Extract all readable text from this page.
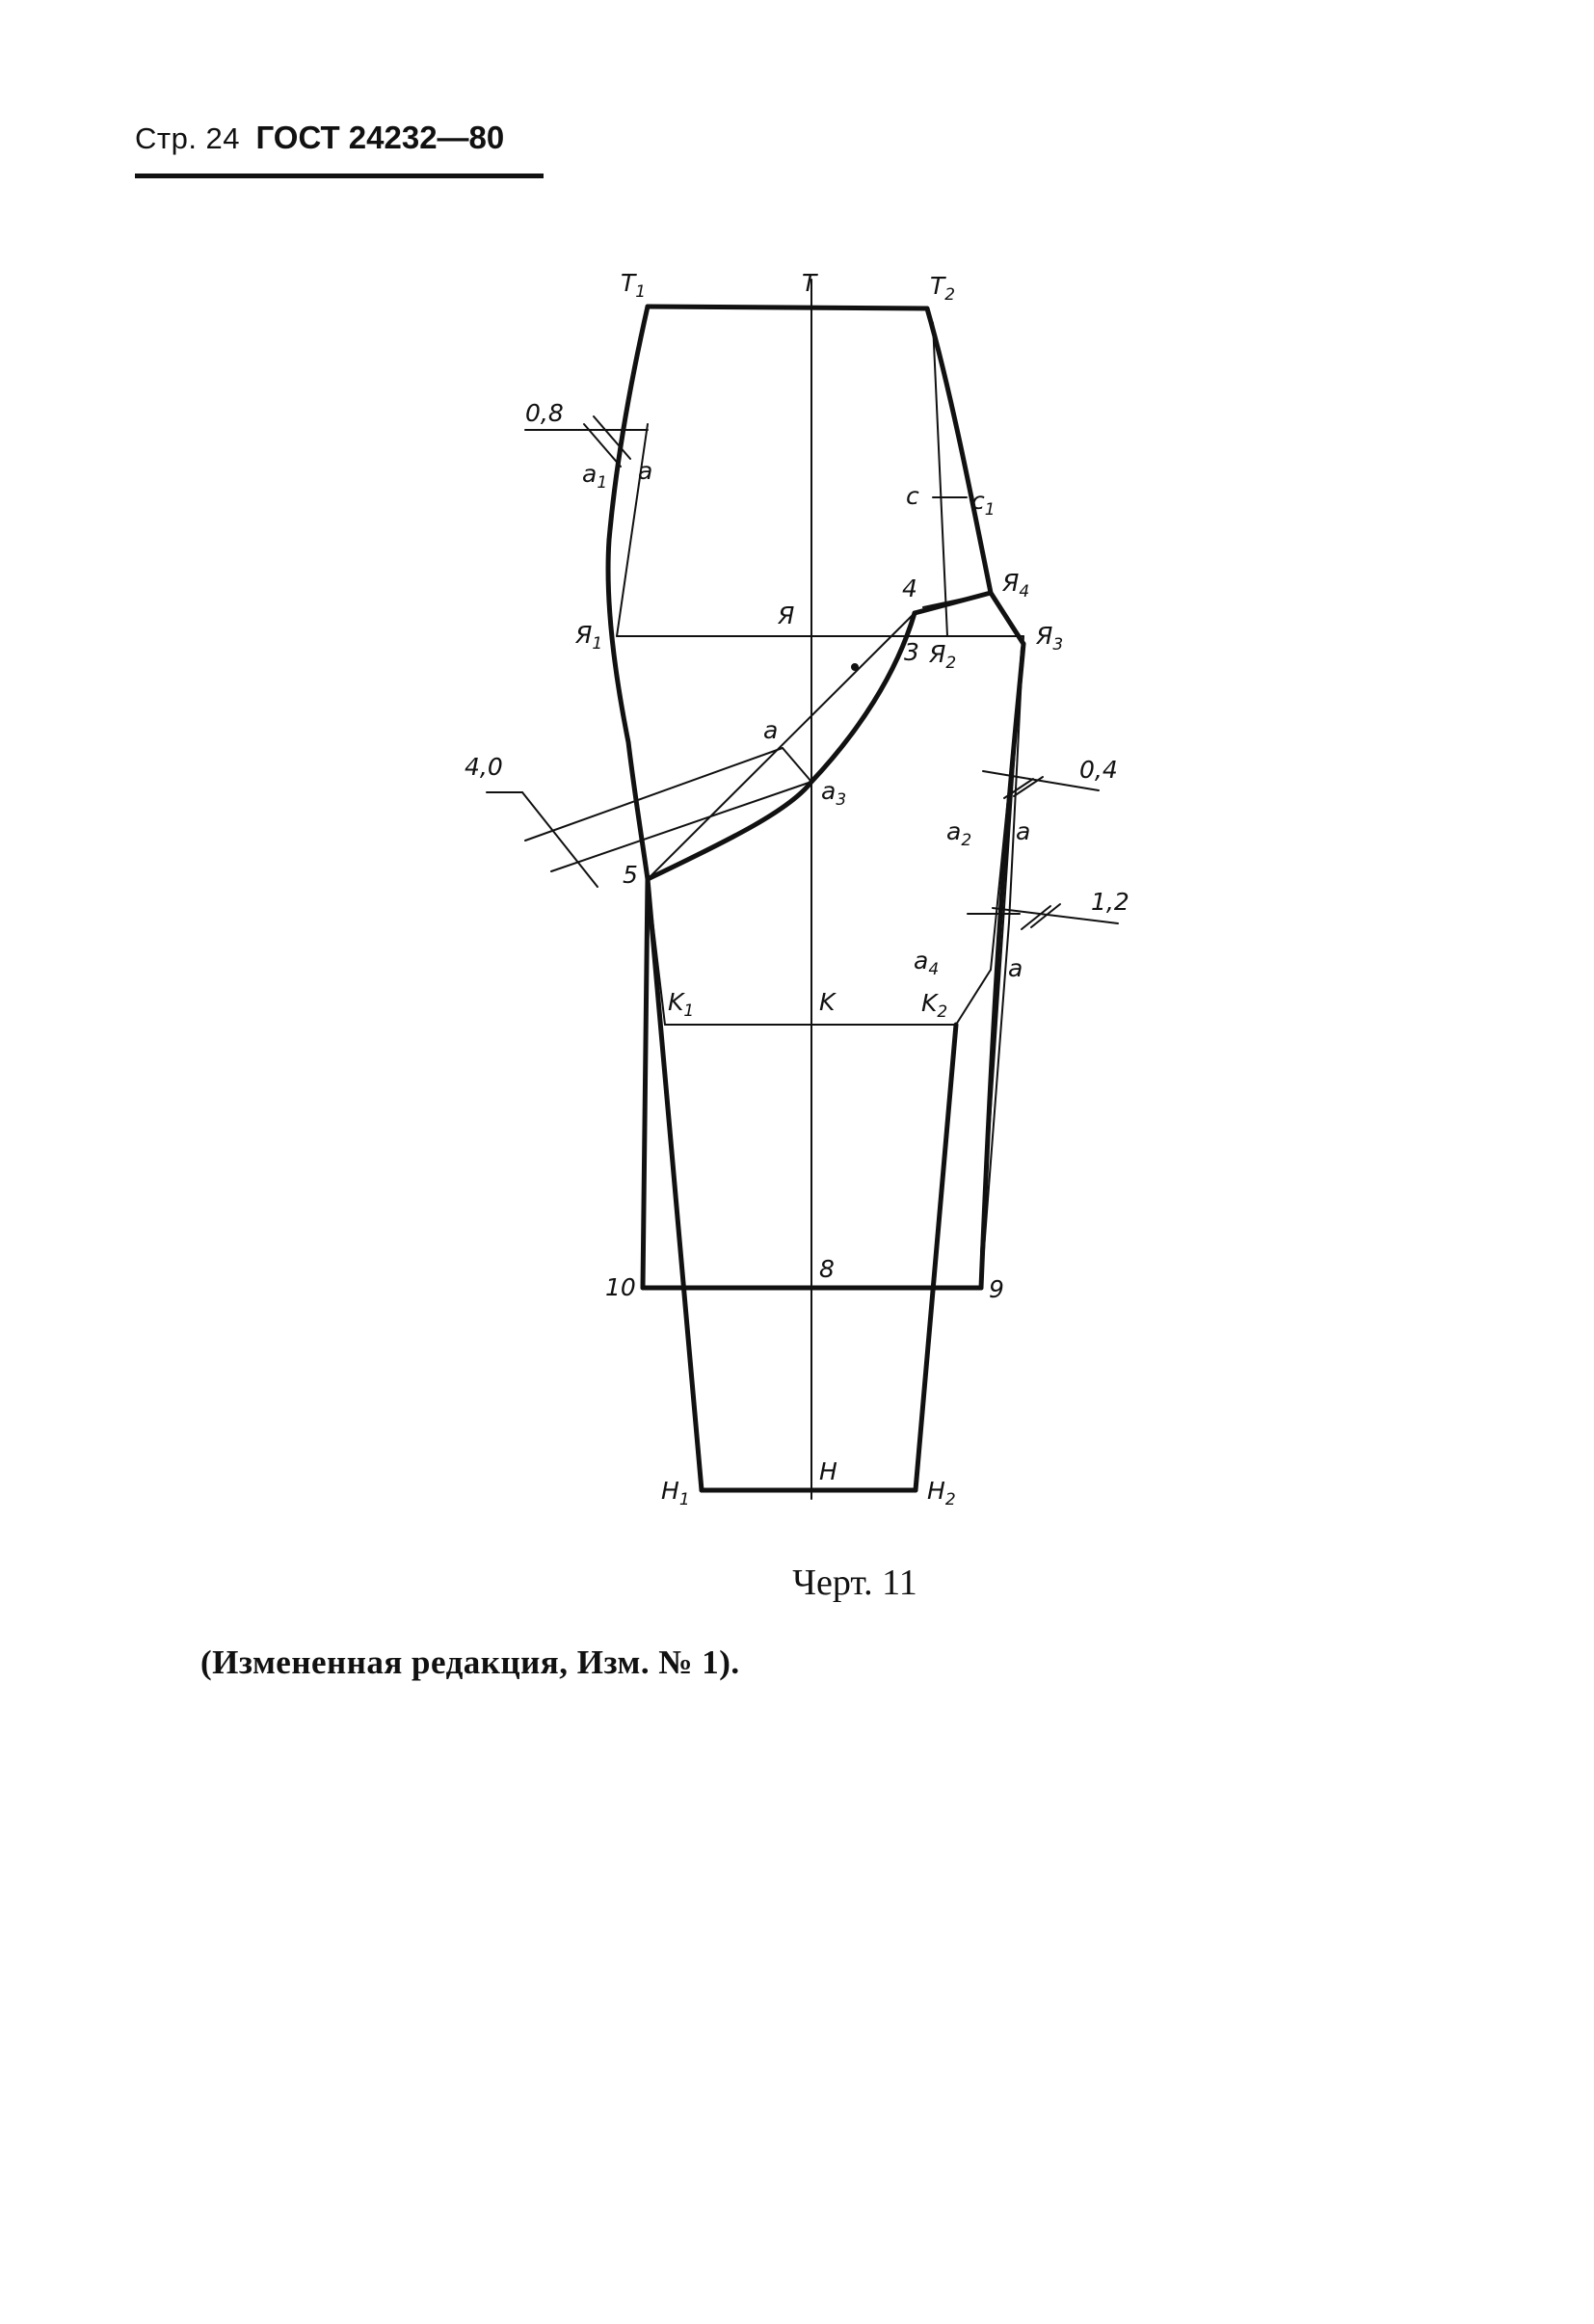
Стр. 24 ГОСТ 24232—80
$T_1$	T	$T_2$
0,8
$a_1$ a
c $c_1$
4	$Я_4$
$Я_1$
Я
3 $Я_2$
$Я_3$
4,0
a
$a_3$
0,4
$a_2$ a
5
1,2
$a_4$	a
$K_1$	K	$K_2$
10
8
9
$H_1$
H
$H_2$
Черт. 11
(Измененная редакция, Изм. № 1).
